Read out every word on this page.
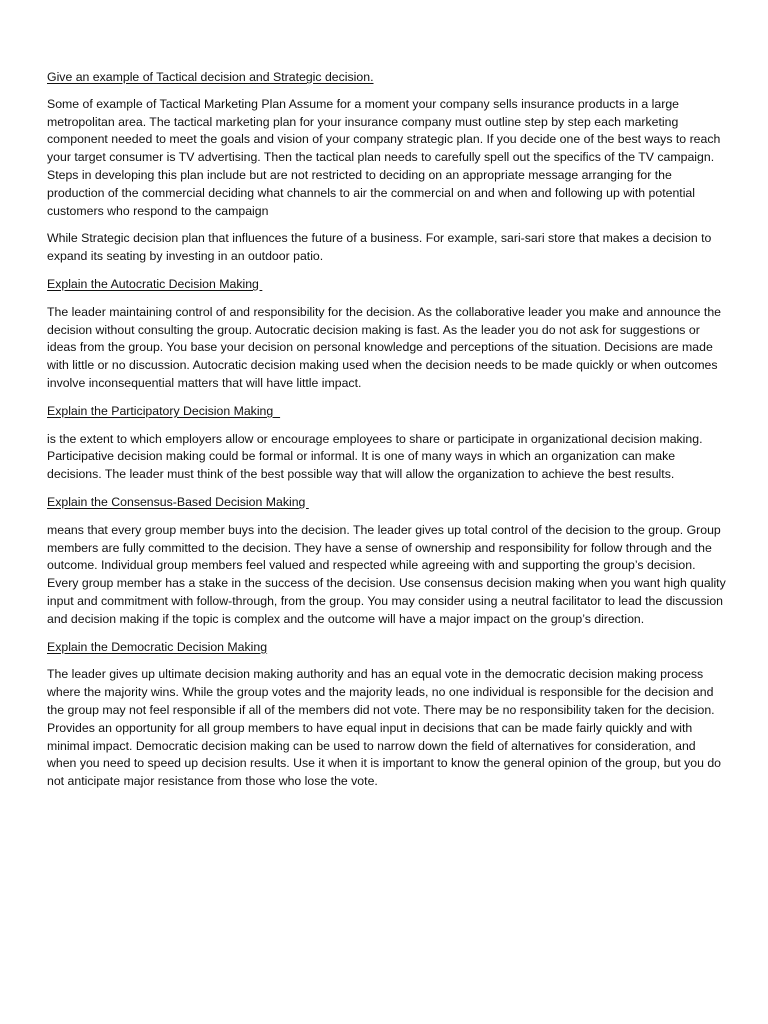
Give an example of Tactical decision and Strategic decision.

Some of example of Tactical Marketing Plan Assume for a moment your company sells insurance products in a large metropolitan area. The tactical marketing plan for your insurance company must outline step by step each marketing component needed to meet the goals and vision of your company strategic plan. If you decide one of the best ways to reach your target consumer is TV advertising. Then the tactical plan needs to carefully spell out the specifics of the TV campaign. Steps in developing this plan include but are not restricted to deciding on an appropriate message arranging for the production of the commercial deciding what channels to air the commercial on and when and following up with potential customers who respond to the campaign

While Strategic decision plan that influences the future of a business. For example, sari-sari store that makes a decision to expand its seating by investing in an outdoor patio.

Explain the Autocratic Decision Making

The leader maintaining control of and responsibility for the decision. As the collaborative leader you make and announce the decision without consulting the group. Autocratic decision making is fast. As the leader you do not ask for suggestions or ideas from the group. You base your decision on personal knowledge and perceptions of the situation. Decisions are made with little or no discussion. Autocratic decision making used when the decision needs to be made quickly or when outcomes involve inconsequential matters that will have little impact.

Explain the Participatory Decision Making

is the extent to which employers allow or encourage employees to share or participate in organizational decision making. Participative decision making could be formal or informal. It is one of many ways in which an organization can make decisions. The leader must think of the best possible way that will allow the organization to achieve the best results.

Explain the Consensus-Based Decision Making

means that every group member buys into the decision. The leader gives up total control of the decision to the group. Group members are fully committed to the decision. They have a sense of ownership and responsibility for follow through and the outcome. Individual group members feel valued and respected while agreeing with and supporting the group’s decision. Every group member has a stake in the success of the decision. Use consensus decision making when you want high quality input and commitment with follow-through, from the group. You may consider using a neutral facilitator to lead the discussion and decision making if the topic is complex and the outcome will have a major impact on the group’s direction.

Explain the Democratic Decision Making

The leader gives up ultimate decision making authority and has an equal vote in the democratic decision making process where the majority wins. While the group votes and the majority leads, no one individual is responsible for the decision and the group may not feel responsible if all of the members did not vote. There may be no responsibility taken for the decision. Provides an opportunity for all group members to have equal input in decisions that can be made fairly quickly and with minimal impact. Democratic decision making can be used to narrow down the field of alternatives for consideration, and when you need to speed up decision results. Use it when it is important to know the general opinion of the group, but you do not anticipate major resistance from those who lose the vote.
